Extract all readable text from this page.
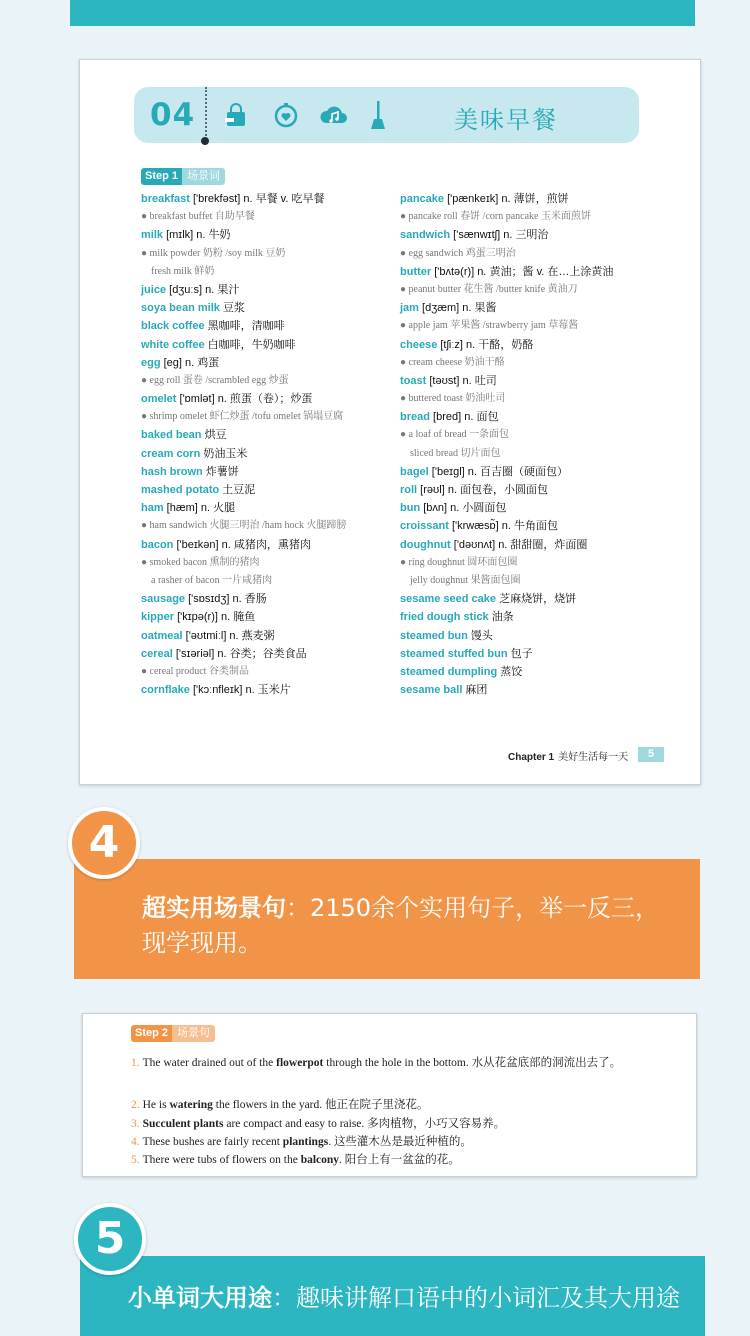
04	美味早餐
Step 1 场景词
breakfast ['brekfəst] n. 早餐 v. 吃早餐
● breakfast buffet 自助早餐
milk [mɪlk] n. 牛奶
● milk powder 奶粉 /soy milk 豆奶
fresh milk 鲜奶
juice [dʒuːs] n. 果汁
soya bean milk 豆浆
black coffee 黑咖啡，清咖啡
white coffee 白咖啡，牛奶咖啡
egg [eg] n. 鸡蛋
● egg roll 蛋卷 /scrambled egg 炒蛋
omelet ['ɒmlət] n. 煎蛋（卷）；炒蛋
● shrimp omelet 虾仁炒蛋 /tofu omelet 锅塌豆腐
baked bean 烘豆
cream corn 奶油玉米
hash brown 炸薯饼
mashed potato 土豆泥
ham [hæm] n. 火腿
● ham sandwich 火腿三明治 /ham hock 火腿蹄膀
bacon ['beɪkən] n. 咸猪肉，熏猪肉
● smoked bacon 熏制的猪肉
a rasher of bacon 一片咸猪肉
sausage ['sɒsɪdʒ] n. 香肠
kipper ['kɪpə(r)] n. 腌鱼
oatmeal ['əʊtmiːl] n. 燕麦粥
cereal ['sɪəriəl] n. 谷类；谷类食品
● cereal product 谷类制品
cornflake ['kɔːnfleɪk] n. 玉米片
pancake ['pænkeɪk] n. 薄饼，煎饼
● pancake roll 春饼 /corn pancake 玉米面煎饼
sandwich ['sænwɪtʃ] n. 三明治
● egg sandwich 鸡蛋三明治
butter ['bʌtə(r)] n. 黄油；酱 v. 在…上涂黄油
● peanut butter 花生酱 /butter knife 黄油刀
jam [dʒæm] n. 果酱
● apple jam 苹果酱 /strawberry jam 草莓酱
cheese [tʃiːz] n. 干酪，奶酪
● cream cheese 奶油干酪
toast [təʊst] n. 吐司
● buttered toast 奶油吐司
bread [bred] n. 面包
● a loaf of bread 一条面包
sliced bread 切片面包
bagel ['beɪgl] n. 百吉圈（硬面包）
roll [rəʊl] n. 面包卷，小圆面包
bun [bʌn] n. 小圆面包
croissant ['krwæsɒ̃] n. 牛角面包
doughnut ['dəʊnʌt] n. 甜甜圈，炸面圈
● ring doughnut 圆环面包圈
jelly doughnut 果酱面包圈
sesame seed cake 芝麻烧饼，烧饼
fried dough stick 油条
steamed bun 馒头
steamed stuffed bun 包子
steamed dumpling 蒸饺
sesame ball 麻团
Chapter 1 美好生活每一天	5
超实用场景句：2150余个实用句子，举一反三，现学现用。
4
Step 2 场景句
1. The water drained out of the flowerpot through the hole in the bottom. 水从花盆底部的洞流出去了。
2. He is watering the flowers in the yard. 他正在院子里浇花。
3. Succulent plants are compact and easy to raise. 多肉植物，小巧又容易养。
4. These bushes are fairly recent plantings. 这些灌木丛是最近种植的。
5. There were tubs of flowers on the balcony. 阳台上有一盆盆的花。
小单词大用途：趣味讲解口语中的小词汇及其大用途
5
